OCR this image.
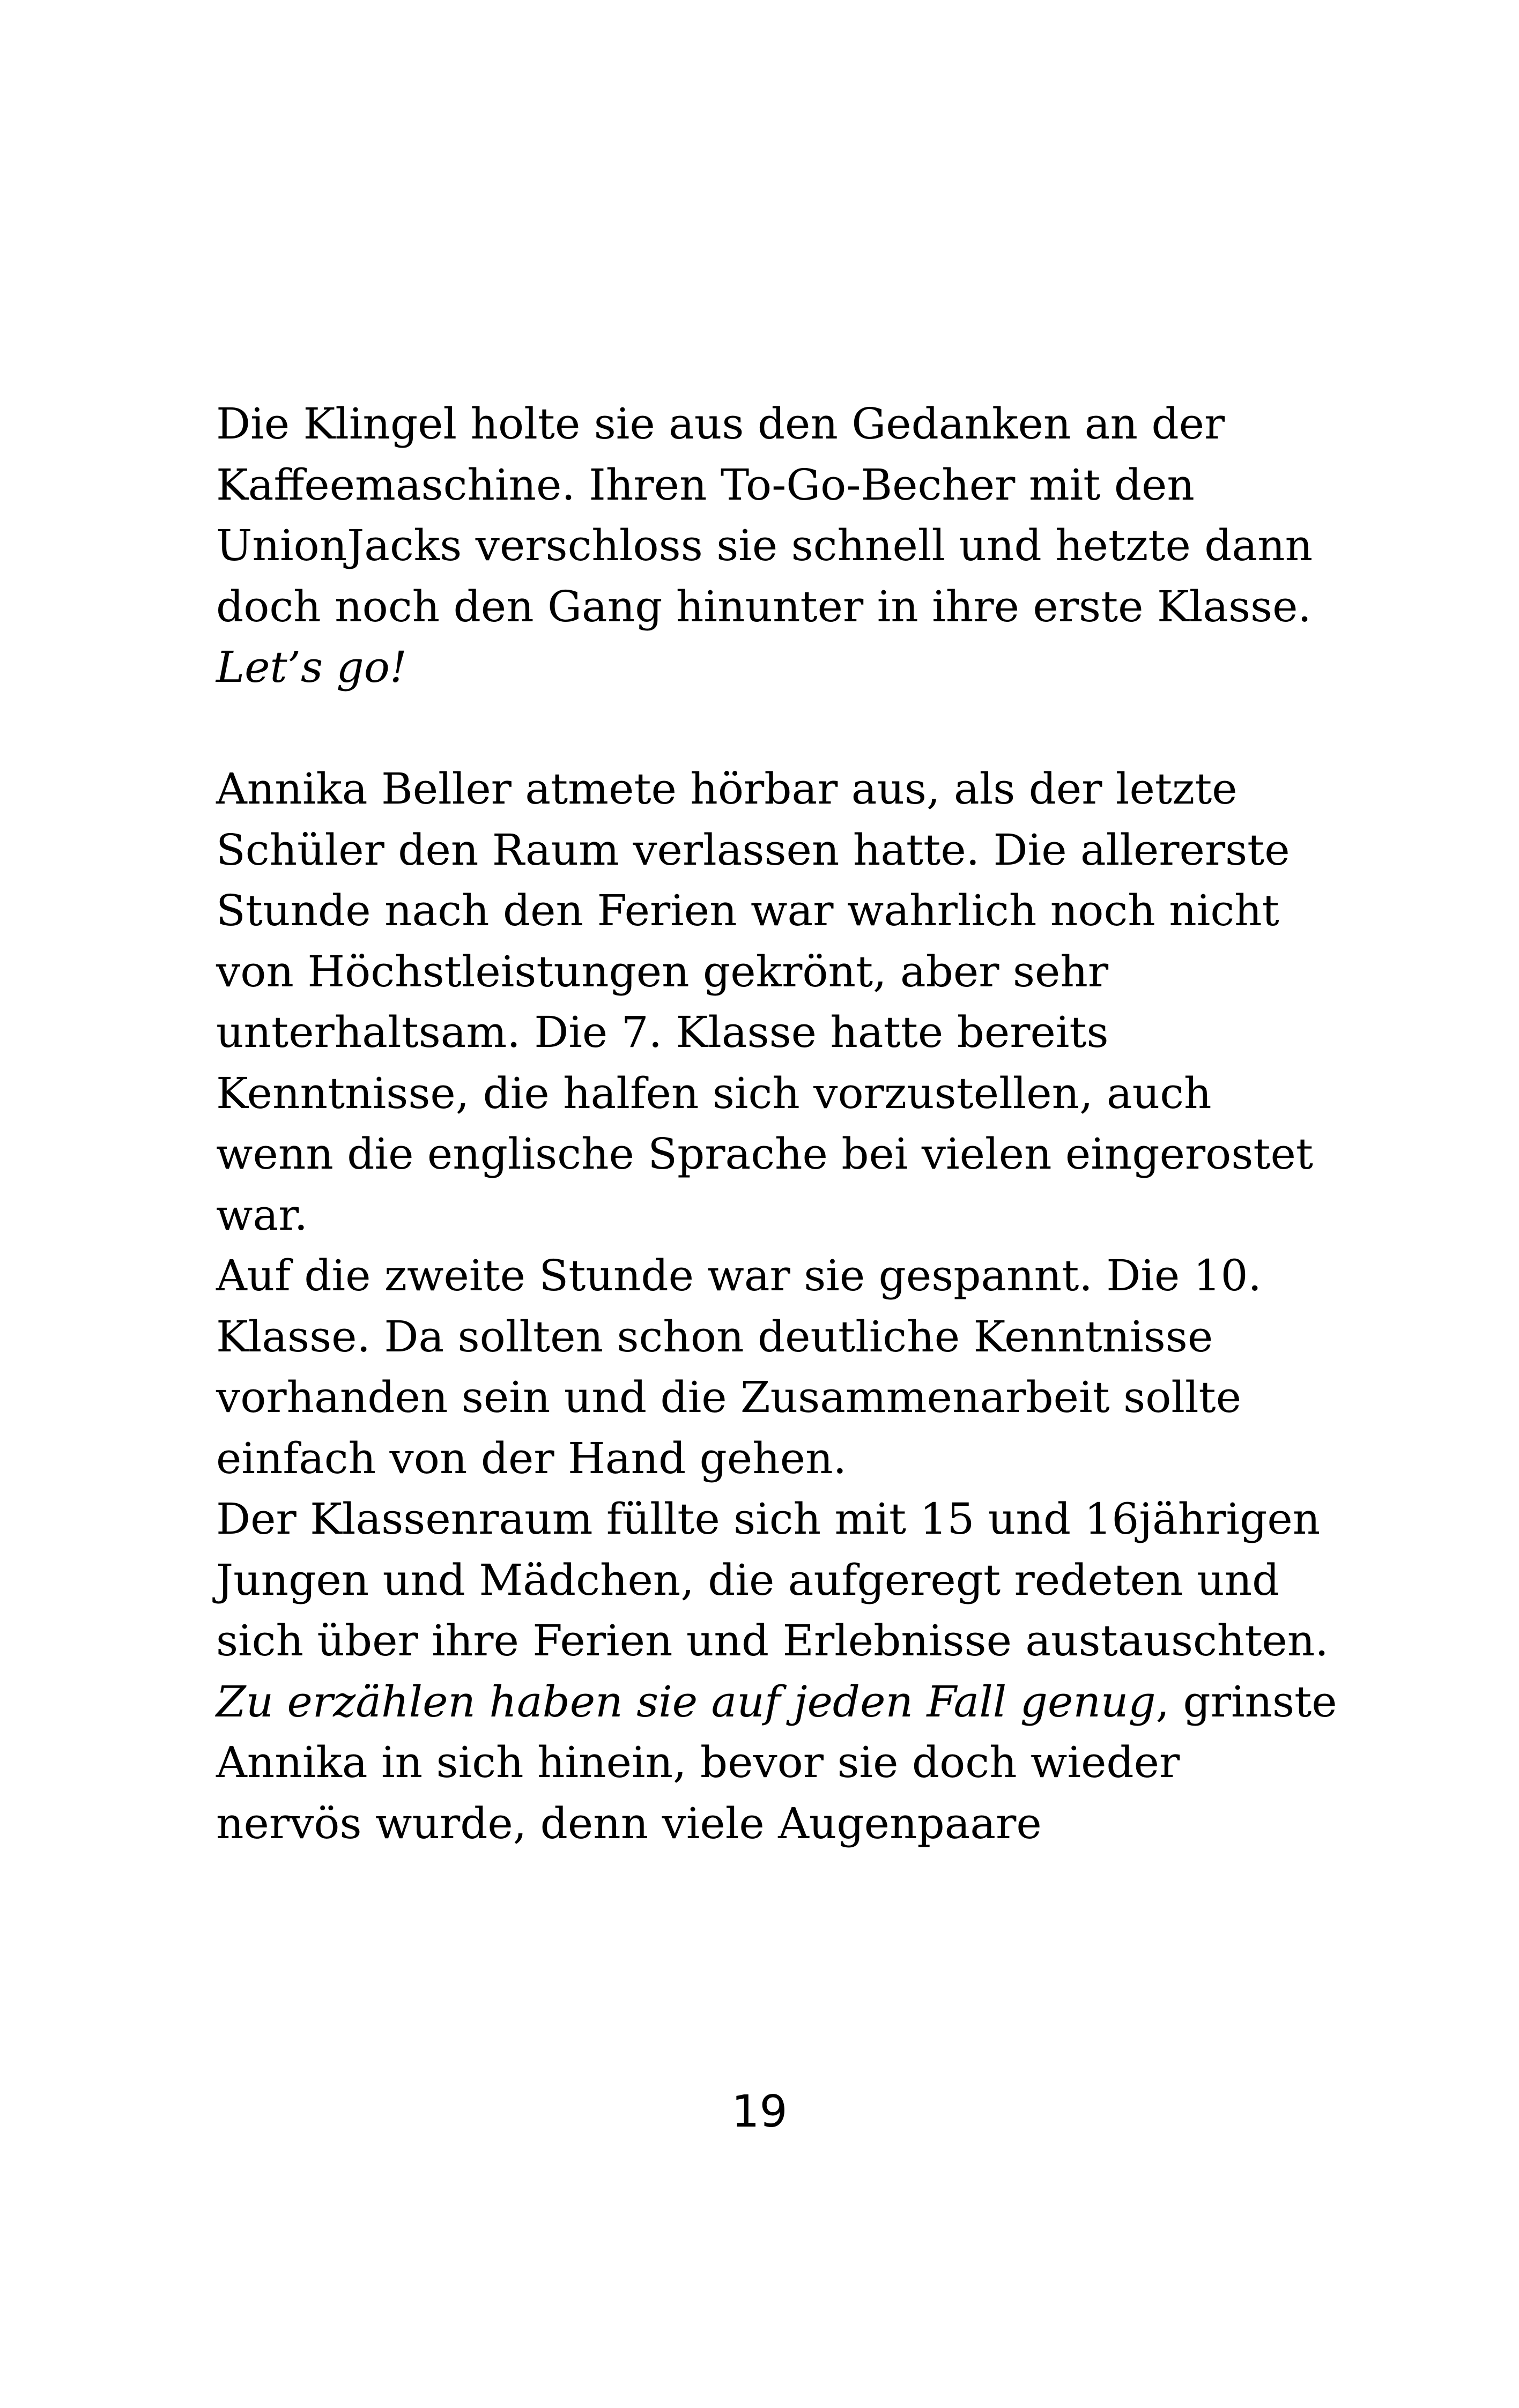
Die Klingel holte sie aus den Gedanken an der
Kaffeemaschine. Ihren To-Go-Becher mit den
UnionJacks verschloss sie schnell und hetzte dann
doch noch den Gang hinunter in ihre erste Klasse.
Let’s go!
Annika Beller atmete hörbar aus, als der letzte
Schüler den Raum verlassen hatte. Die allererste
Stunde nach den Ferien war wahrlich noch nicht
von Höchstleistungen gekrönt, aber sehr
unterhaltsam. Die 7. Klasse hatte bereits
Kenntnisse, die halfen sich vorzustellen, auch
wenn die englische Sprache bei vielen eingerostet
war.
Auf die zweite Stunde war sie gespannt. Die 10.
Klasse. Da sollten schon deutliche Kenntnisse
vorhanden sein und die Zusammenarbeit sollte
einfach von der Hand gehen.
Der Klassenraum füllte sich mit 15 und 16jährigen
Jungen und Mädchen, die aufgeregt redeten und
sich über ihre Ferien und Erlebnisse austauschten.
Zu erzählen haben sie auf jeden Fall genug, grinste
Annika in sich hinein, bevor sie doch wieder
nervös wurde, denn viele Augenpaare
19
